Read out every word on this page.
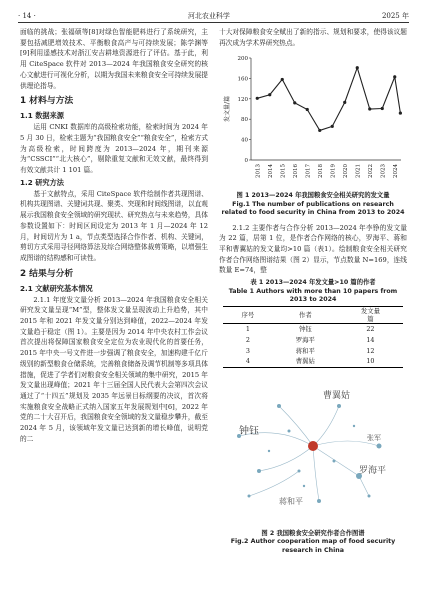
· 14 ·	河北农业科学	2025 年

面临的挑战；张福硕等[8]对绿色智能肥料进行了系统研究，主要包括减肥增效技术、平衡粮食高产与可持续发展；陈学渊等[9]利用遥感技术对浙江安吉耕地资源进行了评估。基于此，利用 CiteSpace 软件对 2013—2024 年我国粮食安全研究的核心文献进行可视化分析，以期为我国未来粮食安全可持续发展提供理论指导。

1 材料与方法
1.1 数据来源

运用 CNKI 数据库的高级检索功能，检索时间为 2024 年 5 月 30 日，检索主题为“我国粮食安全”“粮食安全”，检索方式为高级检索，时间跨度为 2013—2024 年，期刊来源为“CSSCI”“北大核心”，剔除重复文献和无效文献，最终得到有效文献共计 1 101 篇。

1.2 研究方法

基于文献特点，采用 CiteSpace 软件绘制作者共现图谱、机构共现图谱、关键词共现、聚类、突现和时间线图谱，以直观展示我国粮食安全领域的研究现状、研究热点与未来趋势，具体参数设置如下：时间区间设定为 2013 年 1 月—2024 年 12 月，时间切片为 1 a，节点类型选择合作作者、机构、关键词，剪切方式采用寻径网络算法及综合网络整体裁剪策略，以增强生成图谱的结构感和可读性。

2 结果与分析
2.1 文献研究基本情况

2.1.1 年度发文量分析 2013—2024 年我国粮食安全相关研究发文量呈现“M”型，整体发文量呈现波动上升趋势，其中 2015 年和 2021 年发文量分别达到峰值，2022—2024 年发文量趋于稳定（图 1）。主要是因为 2014 年中央农村工作会议首次提出将保障国家粮食安全定位为农业现代化的首要任务，2015 年中央一号文件进一步强调了粮食安全，加速构建千亿斤级别的新型粮食仓储系统，完善粮食储备及调节机制等多项具体措施，促进了学者们对粮食安全相关领域的集中研究，2015 年发文量出现峰值；2021 年十三届全国人民代表大会第四次会议通过了“十四五”规划及 2035 年远景目标纲要的决议，首次将实施粮食安全战略正式纳入国家五年发展规划中[6]，2022 年党的二十大召开后，我国粮食安全领域的发文量稳步攀升，截至 2024 年 5 月，该领域年发文量已达到新的增长峰值，说明党的二

十大对保障粮食安全赋出了新的指示、规划和要求，使得该议题再次成为学术界研究热点。

0
40
80
120
160
200
发文量/篇
2013 2014 2015 2016 2017 2018 2019 2020 2021 2022 2023 2024
图 1 2013—2024 年我国粮食安全相关研究的发文量
Fig.1 The number of publications on research related to food security in China from 2013 to 2024

2.1.2 主要作者与合作分析 2013—2024 年李铮的发文量为 22 篇，居第 1 位，是作者合作网络的核心，罗海平、蒋和平和曹翼姑的发文量均>10 篇（表1）。绘制粮食安全相关研究作者合作网络图谱结果（图 2）显示，节点数量 N=169，连线数量 E=74，整

表 1 2013—2024 年发文量>10 篇的作者
Table 1 Authors with more than 10 papers from 2013 to 2024
序号	作者	发文量
篇
1	钟钰	22
2	罗海平	14
3	蒋和平	12
4	曹翼姑	10
曹翼姑
钟钰
罗海平
蒋和平
张军
图 2 我国粮食安全研究作者合作图谱
Fig.2 Author cooperation map of food security research in China
